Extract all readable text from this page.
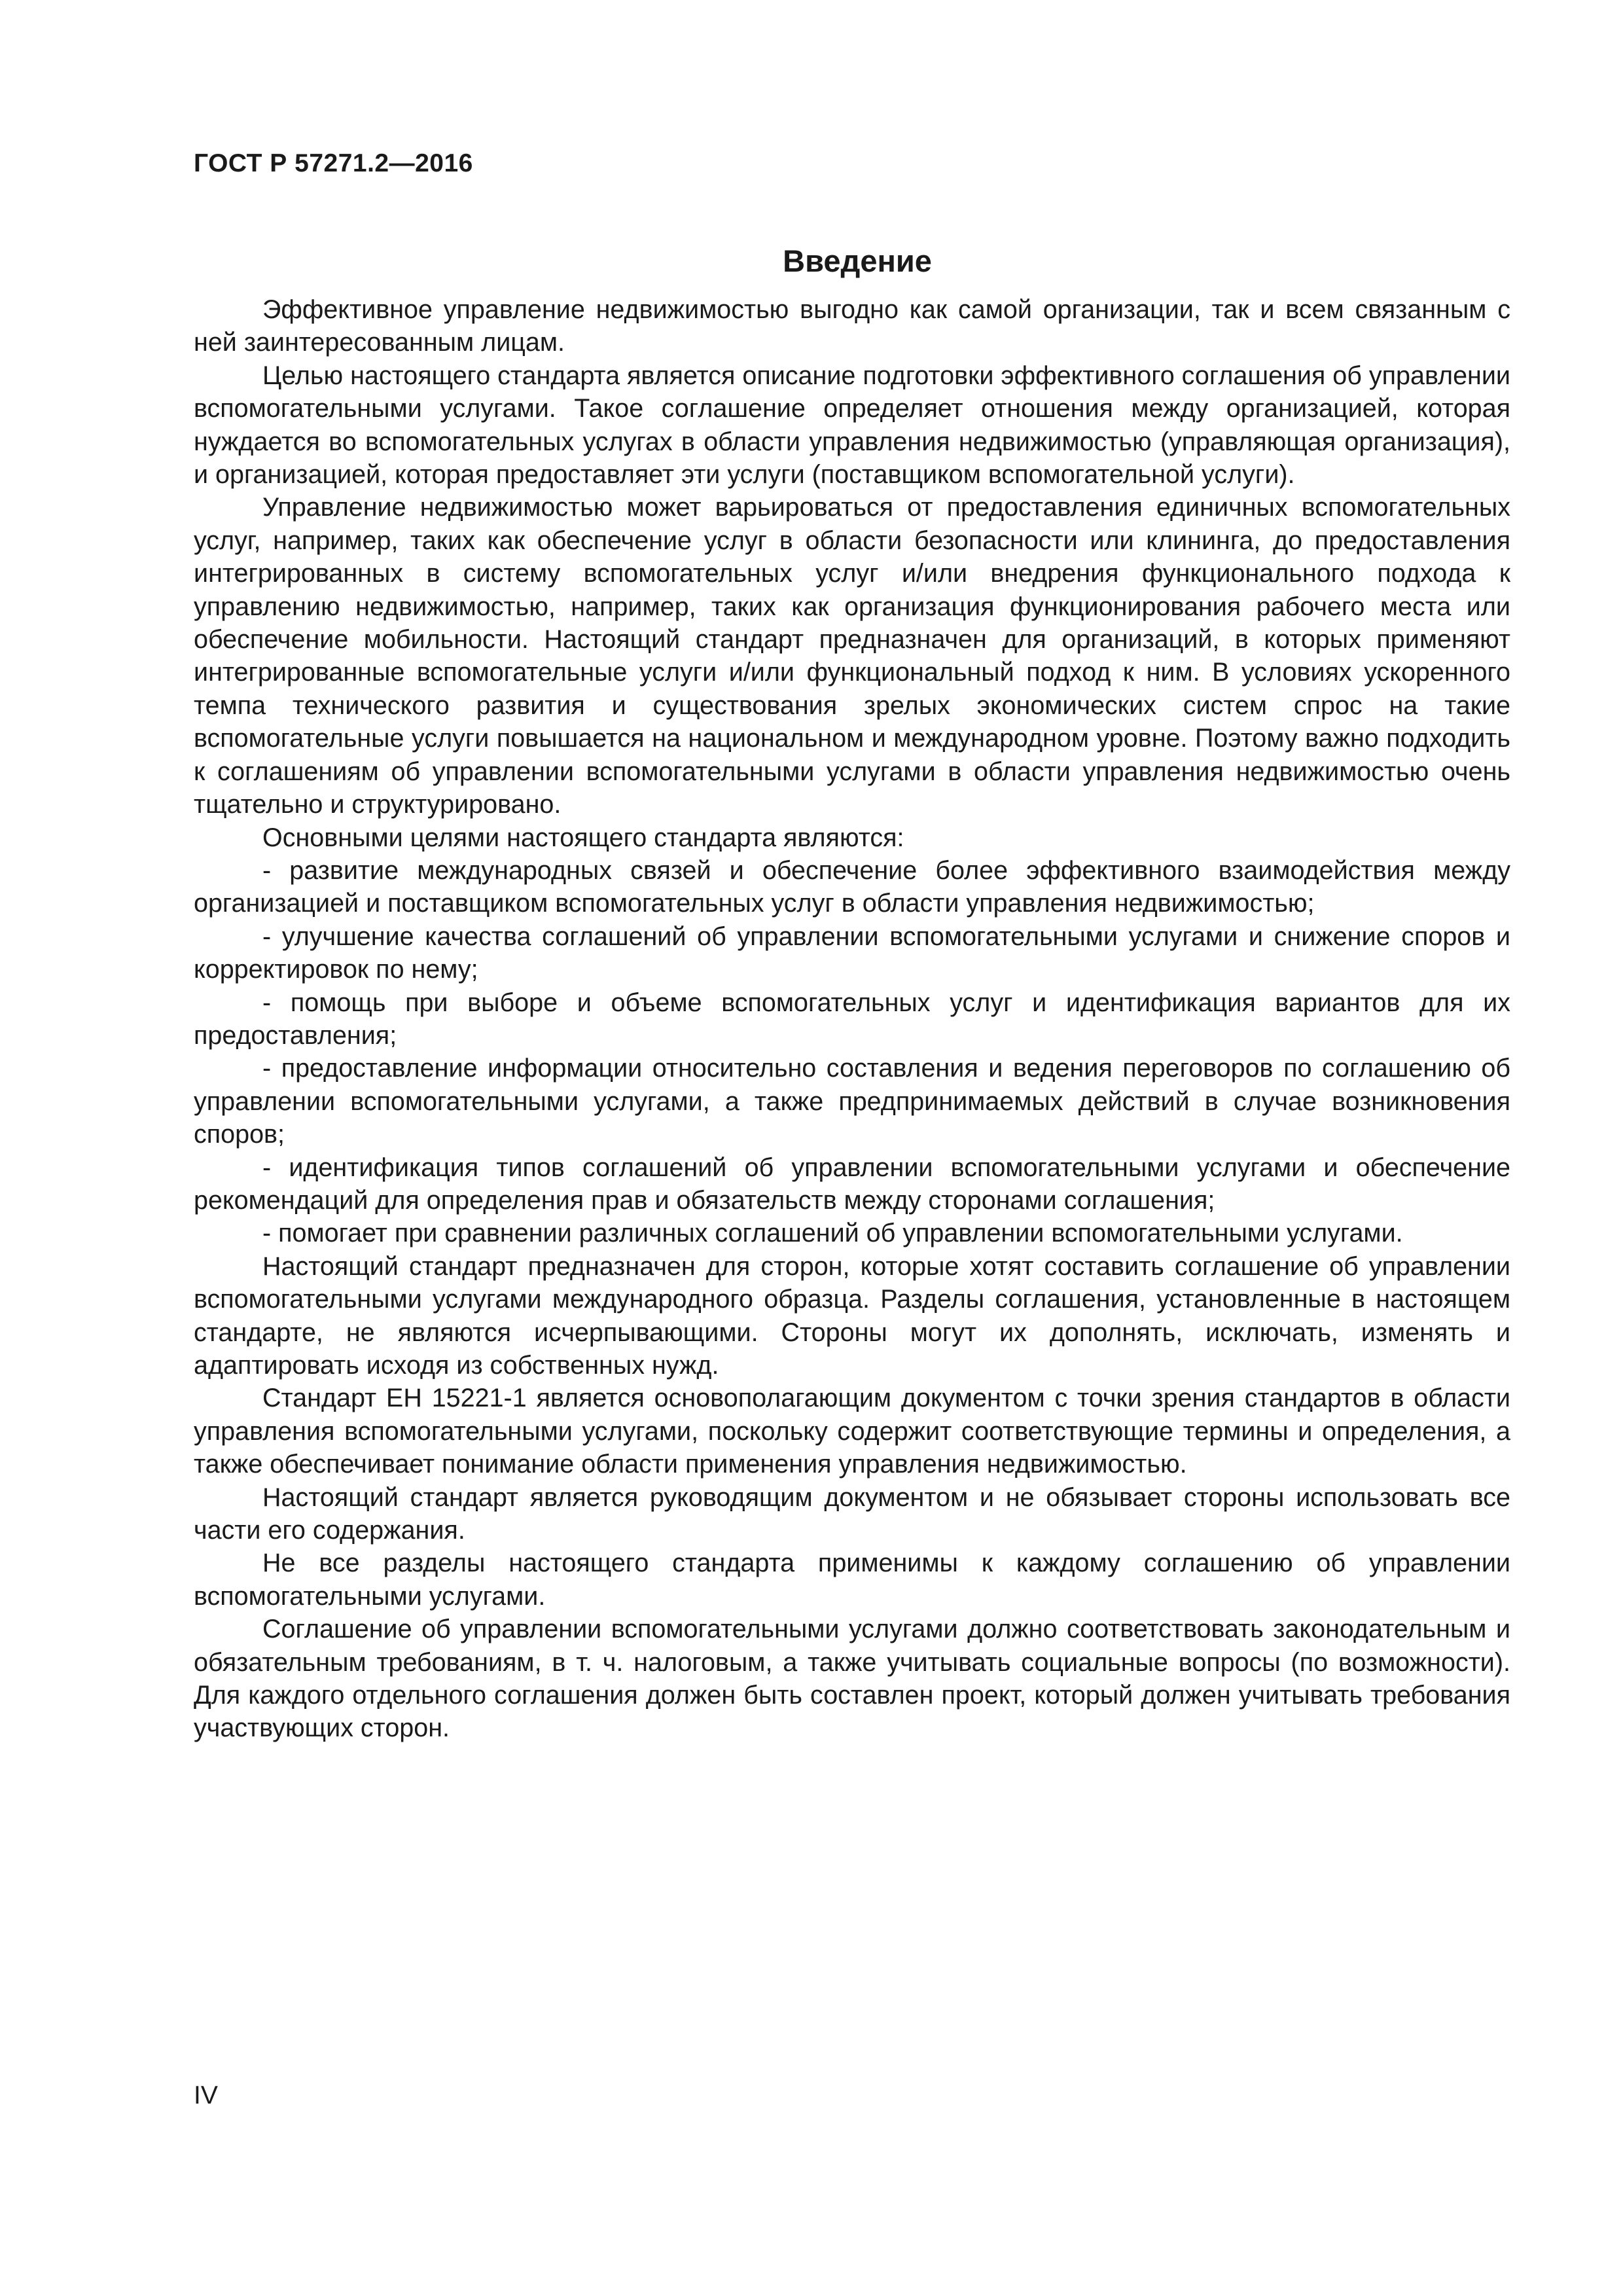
ГОСТ Р 57271.2—2016
Введение

Эффективное управление недвижимостью выгодно как самой организации, так и всем связанным с ней заинтересованным лицам.

Целью настоящего стандарта является описание подготовки эффективного соглашения об управлении вспомогательными услугами. Такое соглашение определяет отношения между организацией, которая нуждается во вспомогательных услугах в области управления недвижимостью (управляющая организация), и организацией, которая предоставляет эти услуги (поставщиком вспомогательной услуги).

Управление недвижимостью может варьироваться от предоставления единичных вспомогательных услуг, например, таких как обеспечение услуг в области безопасности или клининга, до предоставления интегрированных в систему вспомогательных услуг и/или внедрения функционального подхода к управлению недвижимостью, например, таких как организация функционирования рабочего места или обеспечение мобильности. Настоящий стандарт предназначен для организаций, в которых применяют интегрированные вспомогательные услуги и/или функциональный подход к ним. В условиях ускоренного темпа технического развития и существования зрелых экономических систем спрос на такие вспомогательные услуги повышается на национальном и международном уровне. Поэтому важно подходить к соглашениям об управлении вспомогательными услугами в области управления недвижимостью очень тщательно и структурировано.

Основными целями настоящего стандарта являются:

- развитие международных связей и обеспечение более эффективного взаимодействия между организацией и поставщиком вспомогательных услуг в области управления недвижимостью;

- улучшение качества соглашений об управлении вспомогательными услугами и снижение споров и корректировок по нему;

- помощь при выборе и объеме вспомогательных услуг и идентификация вариантов для их предоставления;

- предоставление информации относительно составления и ведения переговоров по соглашению об управлении вспомогательными услугами, а также предпринимаемых действий в случае возникновения споров;

- идентификация типов соглашений об управлении вспомогательными услугами и обеспечение рекомендаций для определения прав и обязательств между сторонами соглашения;

- помогает при сравнении различных соглашений об управлении вспомогательными услугами.

Настоящий стандарт предназначен для сторон, которые хотят составить соглашение об управлении вспомогательными услугами международного образца. Разделы соглашения, установленные в настоящем стандарте, не являются исчерпывающими. Стороны могут их дополнять, исключать, изменять и адаптировать исходя из собственных нужд.

Стандарт ЕН 15221-1 является основополагающим документом с точки зрения стандартов в области управления вспомогательными услугами, поскольку содержит соответствующие термины и определения, а также обеспечивает понимание области применения управления недвижимостью.

Настоящий стандарт является руководящим документом и не обязывает стороны использовать все части его содержания.

Не все разделы настоящего стандарта применимы к каждому соглашению об управлении вспомогательными услугами.

Соглашение об управлении вспомогательными услугами должно соответствовать законодательным и обязательным требованиям, в т. ч. налоговым, а также учитывать социальные вопросы (по возможности). Для каждого отдельного соглашения должен быть составлен проект, который должен учитывать требования участвующих сторон.

IV
